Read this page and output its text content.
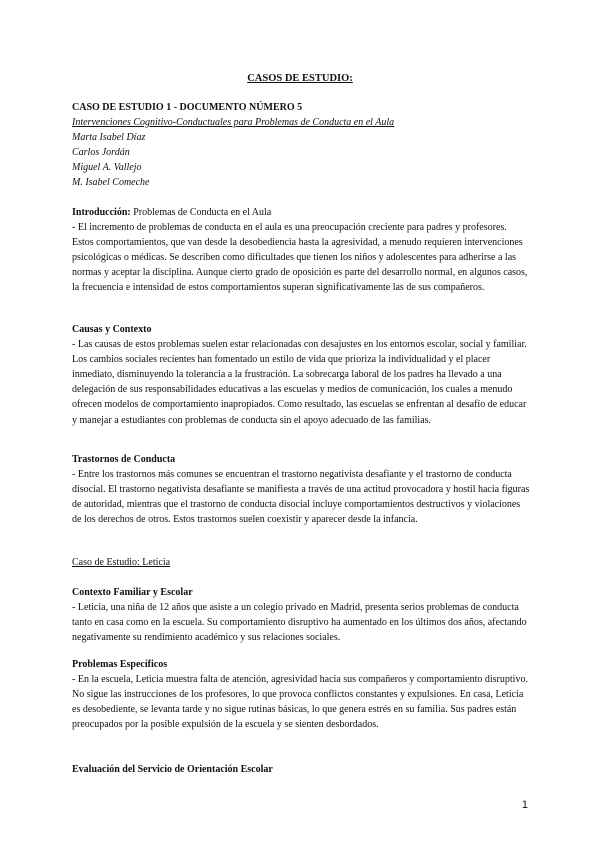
CASOS DE ESTUDIO:

CASO DE ESTUDIO 1 - DOCUMENTO NÚMERO 5

Intervenciones Cognitivo-Conductuales para Problemas de Conducta en el Aula

Marta Isabel Díaz

Carlos Jordán

Miguel A. Vallejo

M. Isabel Comeche

Introducción: Problemas de Conducta en el Aula

- El incremento de problemas de conducta en el aula es una preocupación creciente para padres y profesores. Estos comportamientos, que van desde la desobediencia hasta la agresividad, a menudo requieren intervenciones psicológicas o médicas. Se describen como dificultades que tienen los niños y adolescentes para adherirse a las normas y aceptar la disciplina. Aunque cierto grado de oposición es parte del desarrollo normal, en algunos casos, la frecuencia e intensidad de estos comportamientos superan significativamente las de sus compañeros.

Causas y Contexto

- Las causas de estos problemas suelen estar relacionadas con desajustes en los entornos escolar, social y familiar. Los cambios sociales recientes han fomentado un estilo de vida que prioriza la individualidad y el placer inmediato, disminuyendo la tolerancia a la frustración. La sobrecarga laboral de los padres ha llevado a una delegación de sus responsabilidades educativas a las escuelas y medios de comunicación, los cuales a menudo ofrecen modelos de comportamiento inapropiados. Como resultado, las escuelas se enfrentan al desafío de educar y manejar a estudiantes con problemas de conducta sin el apoyo adecuado de las familias.

Trastornos de Conducta

- Entre los trastornos más comunes se encuentran el trastorno negativista desafiante y el trastorno de conducta disocial. El trastorno negativista desafiante se manifiesta a través de una actitud provocadora y hostil hacia figuras de autoridad, mientras que el trastorno de conducta disocial incluye comportamientos destructivos y violaciones de los derechos de otros. Estos trastornos suelen coexistir y aparecer desde la infancia.

Caso de Estudio: Leticia

Contexto Familiar y Escolar

- Leticia, una niña de 12 años que asiste a un colegio privado en Madrid, presenta serios problemas de conducta tanto en casa como en la escuela. Su comportamiento disruptivo ha aumentado en los últimos dos años, afectando negativamente su rendimiento académico y sus relaciones sociales.

Problemas Específicos

- En la escuela, Leticia muestra falta de atención, agresividad hacia sus compañeros y comportamiento disruptivo. No sigue las instrucciones de los profesores, lo que provoca conflictos constantes y expulsiones. En casa, Leticia es desobediente, se levanta tarde y no sigue rutinas básicas, lo que genera estrés en su familia. Sus padres están preocupados por la posible expulsión de la escuela y se sienten desbordados.

Evaluación del Servicio de Orientación Escolar

1
